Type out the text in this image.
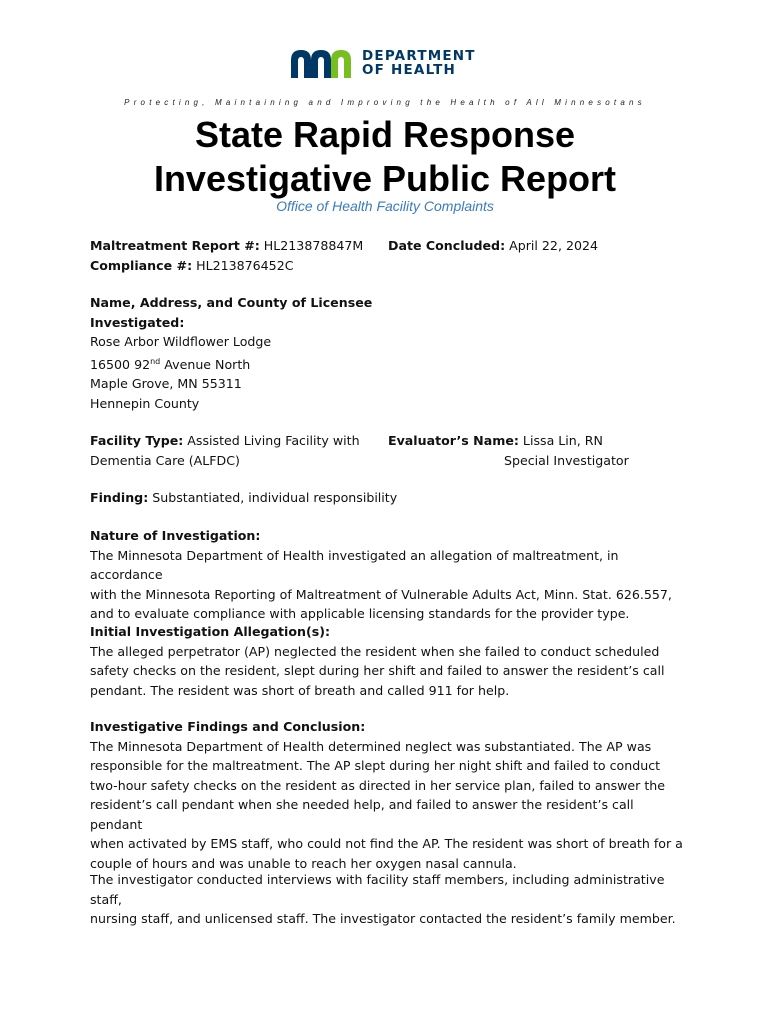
DEPARTMENT
OF HEALTH
Protecting, Maintaining and Improving the Health of All Minnesotans
State Rapid Response
Investigative Public Report
Office of Health Facility Complaints
Maltreatment Report #: HL213878847M
Compliance #: HL213876452C
Date Concluded: April 22, 2024
Name, Address, and County of Licensee
Investigated:
Rose Arbor Wildflower Lodge
16500 92nd Avenue North
Maple Grove, MN 55311
Hennepin County
Facility Type: Assisted Living Facility with
Dementia Care (ALFDC)
Evaluator’s Name: Lissa Lin, RN
Special Investigator
Finding: Substantiated, individual responsibility

Nature of Investigation:

The Minnesota Department of Health investigated an allegation of maltreatment, in accordance

with the Minnesota Reporting of Maltreatment of Vulnerable Adults Act, Minn. Stat. 626.557,

and to evaluate compliance with applicable licensing standards for the provider type.

Initial Investigation Allegation(s):

The alleged perpetrator (AP) neglected the resident when she failed to conduct scheduled

safety checks on the resident, slept during her shift and failed to answer the resident’s call

pendant. The resident was short of breath and called 911 for help.

Investigative Findings and Conclusion:

The Minnesota Department of Health determined neglect was substantiated. The AP was

responsible for the maltreatment. The AP slept during her night shift and failed to conduct

two-hour safety checks on the resident as directed in her service plan, failed to answer the

resident’s call pendant when she needed help, and failed to answer the resident’s call pendant

when activated by EMS staff, who could not find the AP. The resident was short of breath for a

couple of hours and was unable to reach her oxygen nasal cannula.

The investigator conducted interviews with facility staff members, including administrative staff,

nursing staff, and unlicensed staff. The investigator contacted the resident’s family member.
